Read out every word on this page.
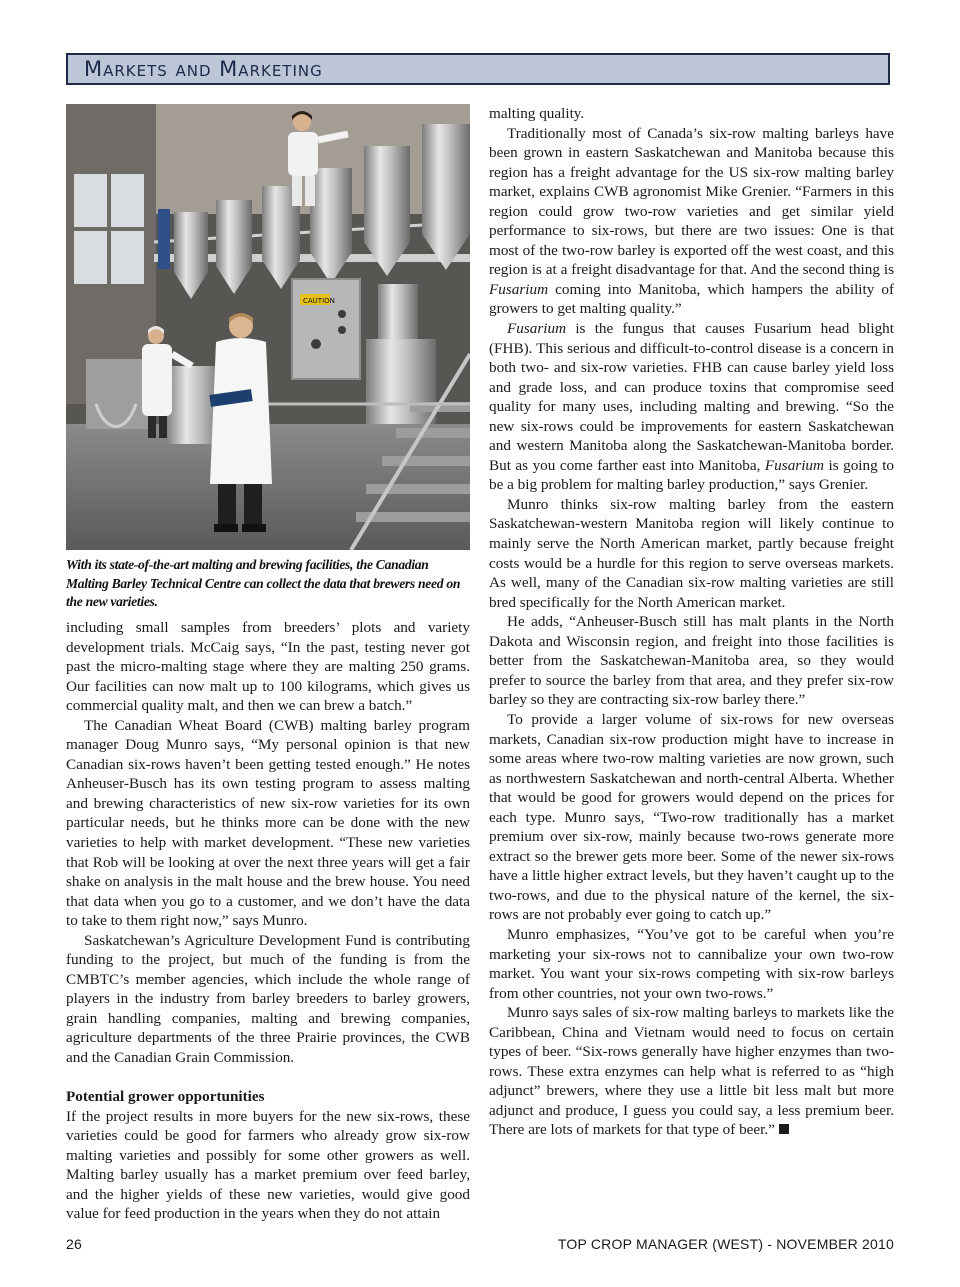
Markets and Marketing
CAUTION

With its state-of-the-art malting and brewing facilities, the Canadian Malting Barley Technical Centre can collect the data that brewers need on the new varieties.

including small samples from breeders’ plots and variety development trials. McCaig says, “In the past, testing never got past the micro-malting stage where they are malting 250 grams. Our facilities can now malt up to 100 kilograms, which gives us commercial quality malt, and then we can brew a batch.”

The Canadian Wheat Board (CWB) malting barley program manager Doug Munro says, “My personal opinion is that new Canadian six-rows haven’t been getting tested enough.” He notes Anheuser-Busch has its own testing program to assess malting and brewing characteristics of new six-row varieties for its own particular needs, but he thinks more can be done with the new varieties to help with market development. “These new varieties that Rob will be looking at over the next three years will get a fair shake on analysis in the malt house and the brew house. You need that data when you go to a customer, and we don’t have the data to take to them right now,” says Munro.

Saskatchewan’s Agriculture Development Fund is contributing funding to the project, but much of the funding is from the CMBTC’s member agencies, which include the whole range of players in the industry from barley breeders to barley growers, grain handling companies, malting and brewing companies, agriculture departments of the three Prairie provinces, the CWB and the Canadian Grain Commission.

Potential grower opportunities

If the project results in more buyers for the new six-rows, these varieties could be good for farmers who already grow six-row malting varieties and possibly for some other growers as well. Malting barley usually has a market premium over feed barley, and the higher yields of these new varieties, would give good value for feed production in the years when they do not attain

malting quality.

Traditionally most of Canada’s six-row malting barleys have been grown in eastern Saskatchewan and Manitoba because this region has a freight advantage for the US six-row malting barley market, explains CWB agronomist Mike Grenier. “Farmers in this region could grow two-row varieties and get similar yield performance to six-rows, but there are two issues: One is that most of the two-row barley is exported off the west coast, and this region is at a freight disadvantage for that. And the second thing is Fusarium coming into Manitoba, which hampers the ability of growers to get malting quality.”

Fusarium is the fungus that causes Fusarium head blight (FHB). This serious and difficult-to-control disease is a concern in both two- and six-row varieties. FHB can cause barley yield loss and grade loss, and can produce toxins that compromise seed quality for many uses, including malting and brewing. “So the new six-rows could be improvements for eastern Saskatchewan and western Manitoba along the Saskatchewan-Manitoba border. But as you come farther east into Manitoba, Fusarium is going to be a big problem for malting barley production,” says Grenier.

Munro thinks six-row malting barley from the eastern Saskatchewan-western Manitoba region will likely continue to mainly serve the North American market, partly because freight costs would be a hurdle for this region to serve overseas markets. As well, many of the Canadian six-row malting varieties are still bred specifically for the North American market.

He adds, “Anheuser-Busch still has malt plants in the North Dakota and Wisconsin region, and freight into those facilities is better from the Saskatchewan-Manitoba area, so they would prefer to source the barley from that area, and they prefer six-row barley so they are contracting six-row barley there.”

To provide a larger volume of six-rows for new overseas markets, Canadian six-row production might have to increase in some areas where two-row malting varieties are now grown, such as northwestern Saskatchewan and north-central Alberta. Whether that would be good for growers would depend on the prices for each type. Munro says, “Two-row traditionally has a market premium over six-row, mainly because two-rows generate more extract so the brewer gets more beer. Some of the newer six-rows have a little higher extract levels, but they haven’t caught up to the two-rows, and due to the physical nature of the kernel, the six-rows are not probably ever going to catch up.”

Munro emphasizes, “You’ve got to be careful when you’re marketing your six-rows not to cannibalize your own two-row market. You want your six-rows competing with six-row barleys from other countries, not your own two-rows.”

Munro says sales of six-row malting barleys to markets like the Caribbean, China and Vietnam would need to focus on certain types of beer. “Six-rows generally have higher enzymes than two-rows. These extra enzymes can help what is referred to as “high adjunct” brewers, where they use a little bit less malt but more adjunct and produce, I guess you could say, a less premium beer. There are lots of markets for that type of beer.”

26	TOP CROP MANAGER (WEST) - NOVEMBER 2010
